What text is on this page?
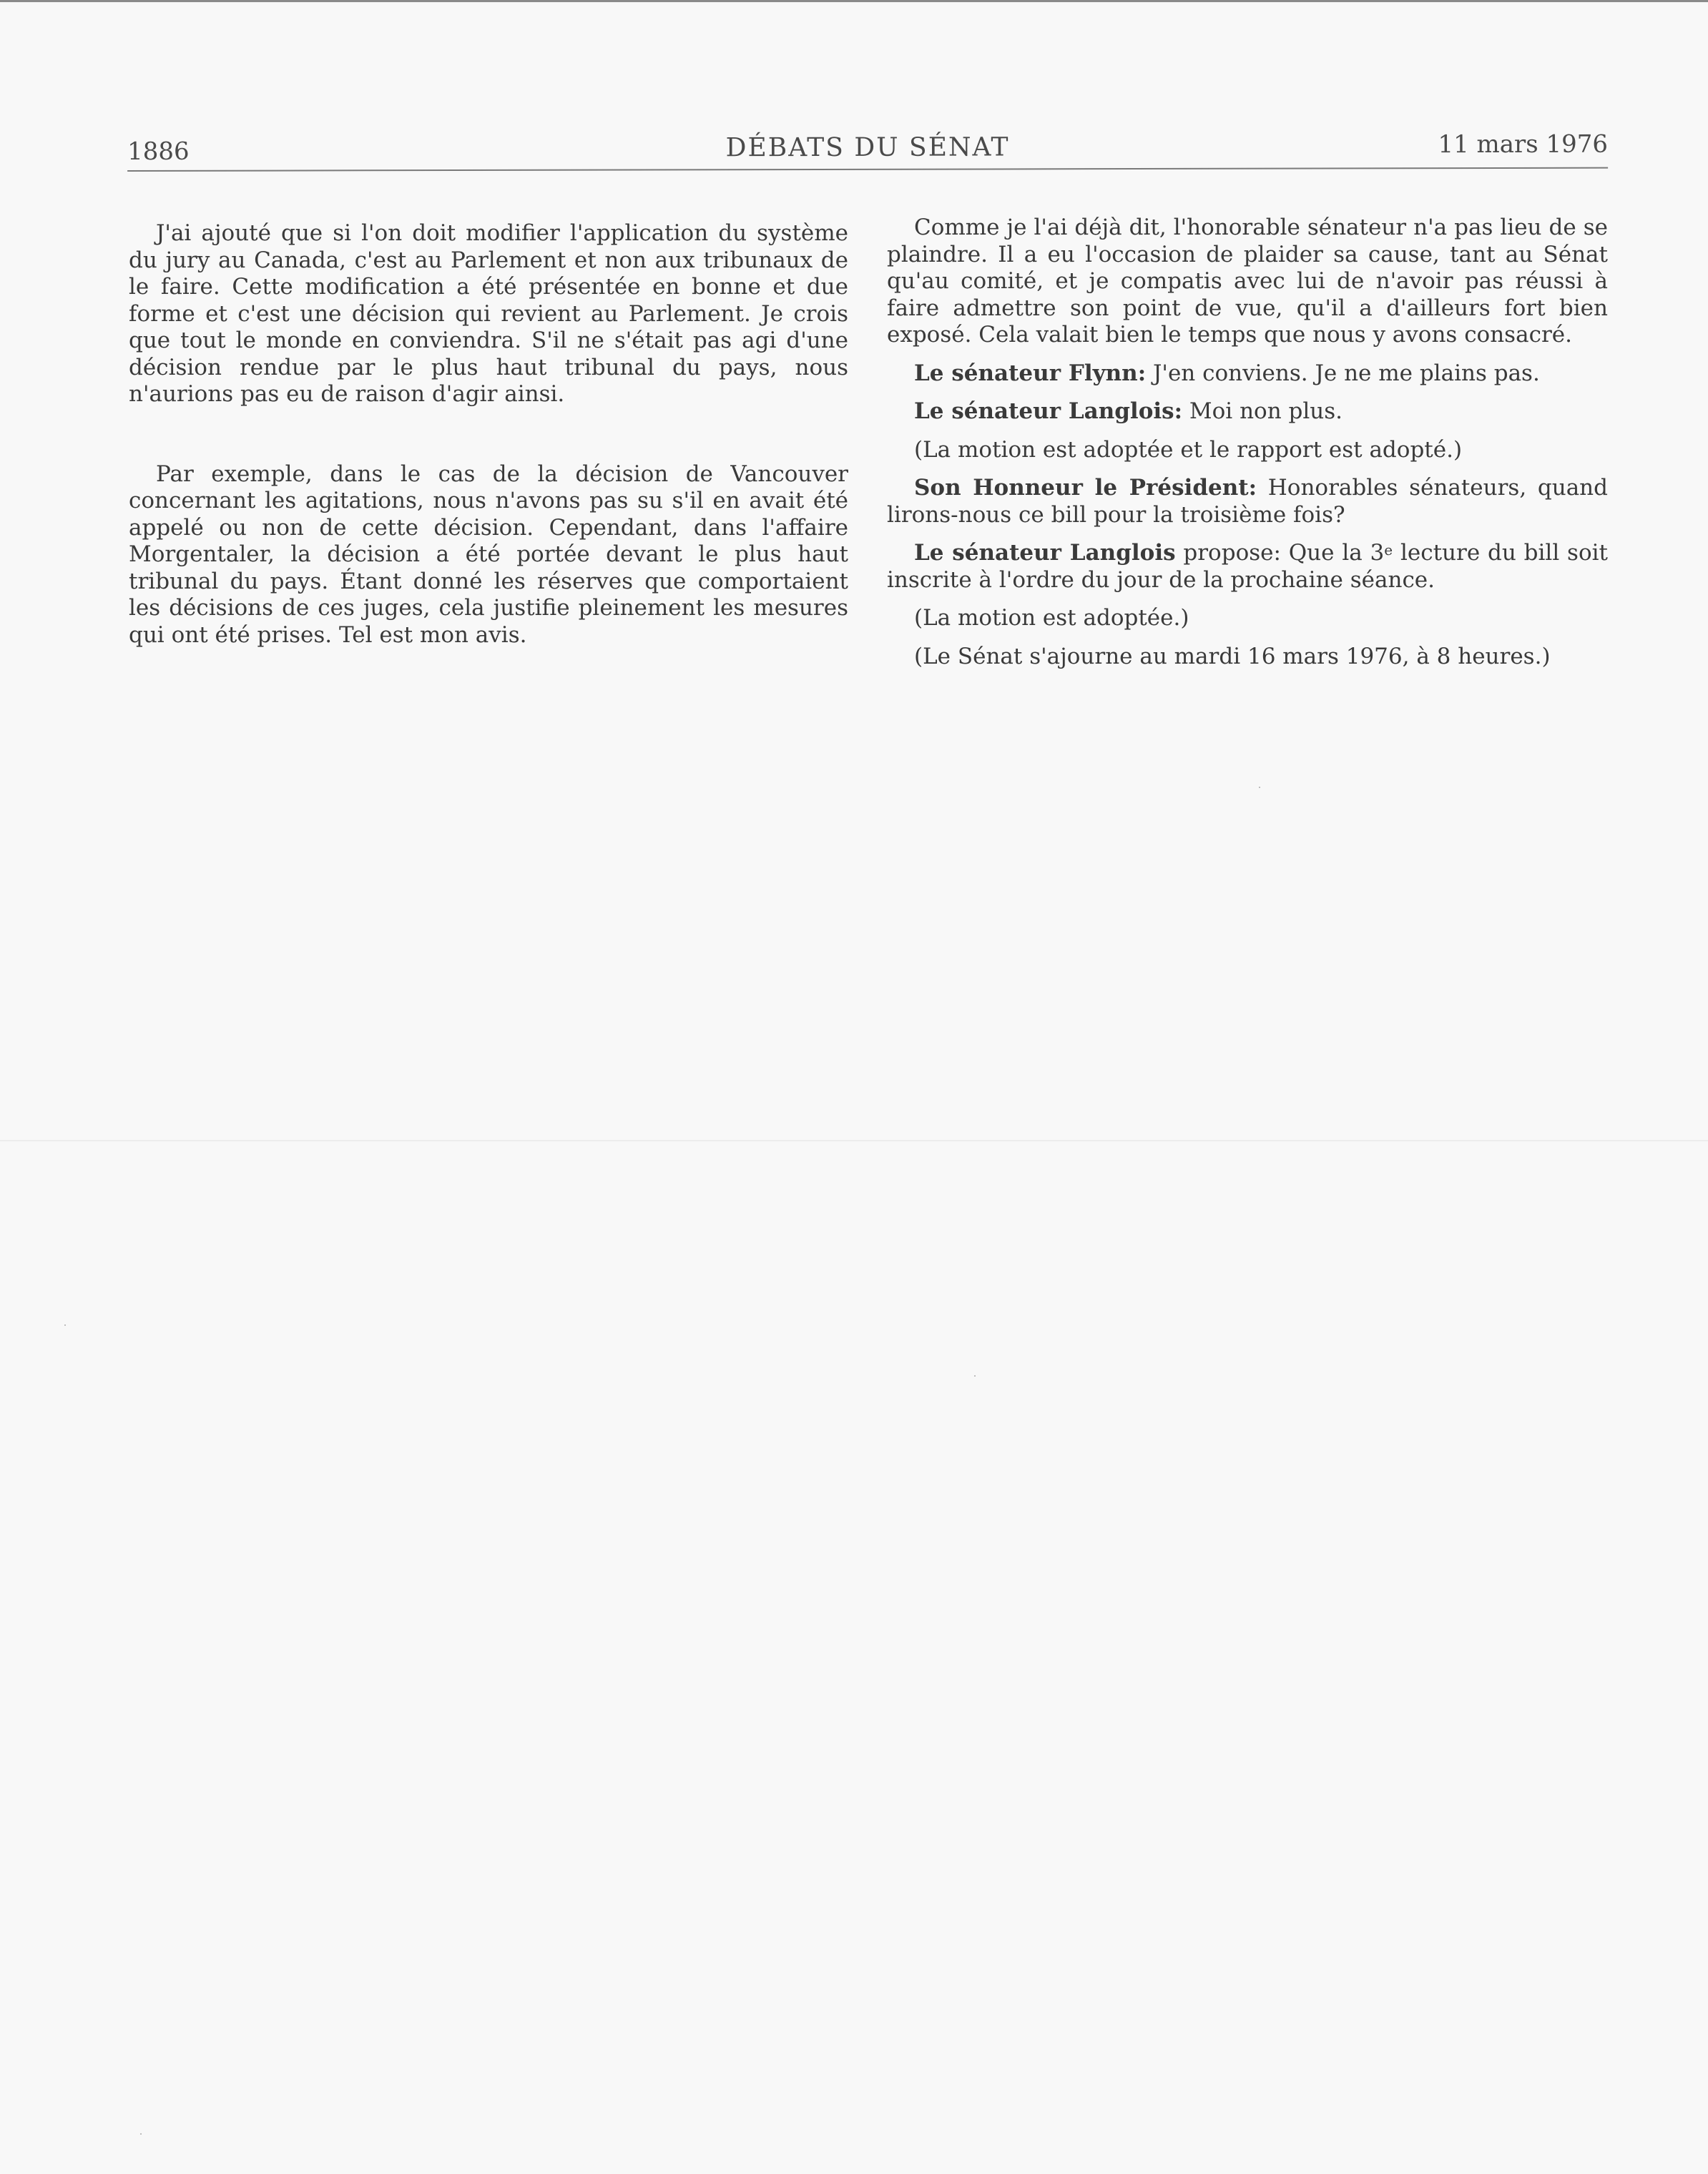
1886	DÉBATS DU SÉNAT	11 mars 1976

J'ai ajouté que si l'on doit modifier l'application du système du jury au Canada, c'est au Parlement et non aux tribunaux de le faire. Cette modification a été présentée en bonne et due forme et c'est une décision qui revient au Parlement. Je crois que tout le monde en conviendra. S'il ne s'était pas agi d'une décision rendue par le plus haut tribunal du pays, nous n'aurions pas eu de raison d'agir ainsi.

Par exemple, dans le cas de la décision de Vancouver concernant les agitations, nous n'avons pas su s'il en avait été appelé ou non de cette décision. Cependant, dans l'affaire Morgentaler, la décision a été portée devant le plus haut tribunal du pays. Étant donné les réserves que comportaient les décisions de ces juges, cela justifie pleinement les mesures qui ont été prises. Tel est mon avis.

Comme je l'ai déjà dit, l'honorable sénateur n'a pas lieu de se plaindre. Il a eu l'occasion de plaider sa cause, tant au Sénat qu'au comité, et je compatis avec lui de n'avoir pas réussi à faire admettre son point de vue, qu'il a d'ailleurs fort bien exposé. Cela valait bien le temps que nous y avons consacré.

Le sénateur Flynn: J'en conviens. Je ne me plains pas.

Le sénateur Langlois: Moi non plus.

(La motion est adoptée et le rapport est adopté.)

Son Honneur le Président: Honorables sénateurs, quand lirons-nous ce bill pour la troisième fois?

Le sénateur Langlois propose: Que la 3e lecture du bill soit inscrite à l'ordre du jour de la prochaine séance.

(La motion est adoptée.)

(Le Sénat s'ajourne au mardi 16 mars 1976, à 8 heures.)
